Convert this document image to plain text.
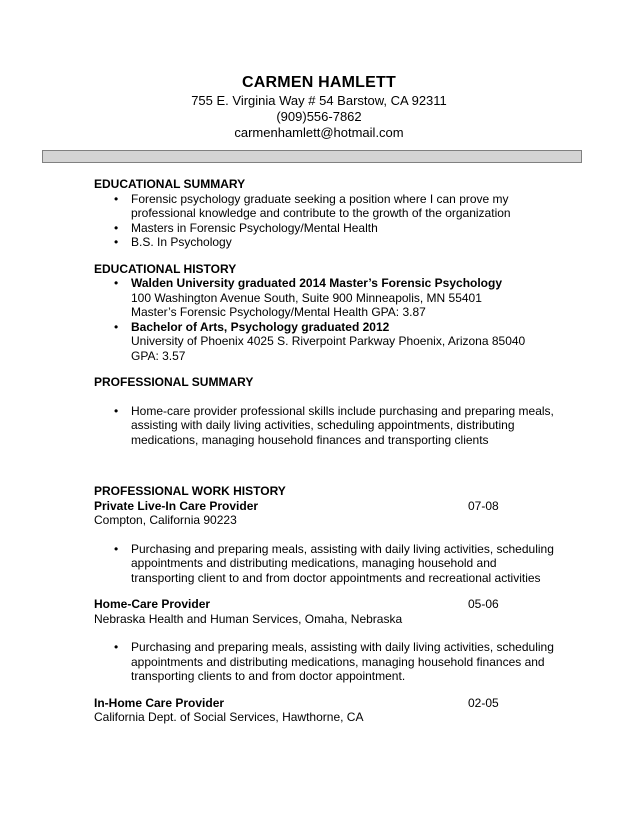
CARMEN HAMLETT
755 E. Virginia Way # 54 Barstow, CA 92311
(909)556-7862
carmenhamlett@hotmail.com
EDUCATIONAL SUMMARY
• Forensic psychology graduate seeking a position where I can prove my professional knowledge and contribute to the growth of the organization
• Masters in Forensic Psychology/Mental Health
• B.S. In Psychology
EDUCATIONAL HISTORY
• Walden University graduated 2014 Master’s Forensic Psychology
100 Washington Avenue South, Suite 900 Minneapolis, MN 55401
Master’s Forensic Psychology/Mental Health GPA: 3.87
• Bachelor of Arts, Psychology graduated 2012
University of Phoenix 4025 S. Riverpoint Parkway Phoenix, Arizona 85040
GPA: 3.57
PROFESSIONAL SUMMARY
• Home-care provider professional skills include purchasing and preparing meals, assisting with daily living activities, scheduling appointments, distributing medications, managing household finances and transporting clients
PROFESSIONAL WORK HISTORY
Private Live-In Care Provider	07-08
Compton, California 90223
• Purchasing and preparing meals, assisting with daily living activities, scheduling appointments and distributing medications, managing household and transporting client to and from doctor appointments and recreational activities
Home-Care Provider	05-06
Nebraska Health and Human Services, Omaha, Nebraska
• Purchasing and preparing meals, assisting with daily living activities, scheduling appointments and distributing medications, managing household finances and transporting clients to and from doctor appointment.
In-Home Care Provider	02-05
California Dept. of Social Services, Hawthorne, CA
